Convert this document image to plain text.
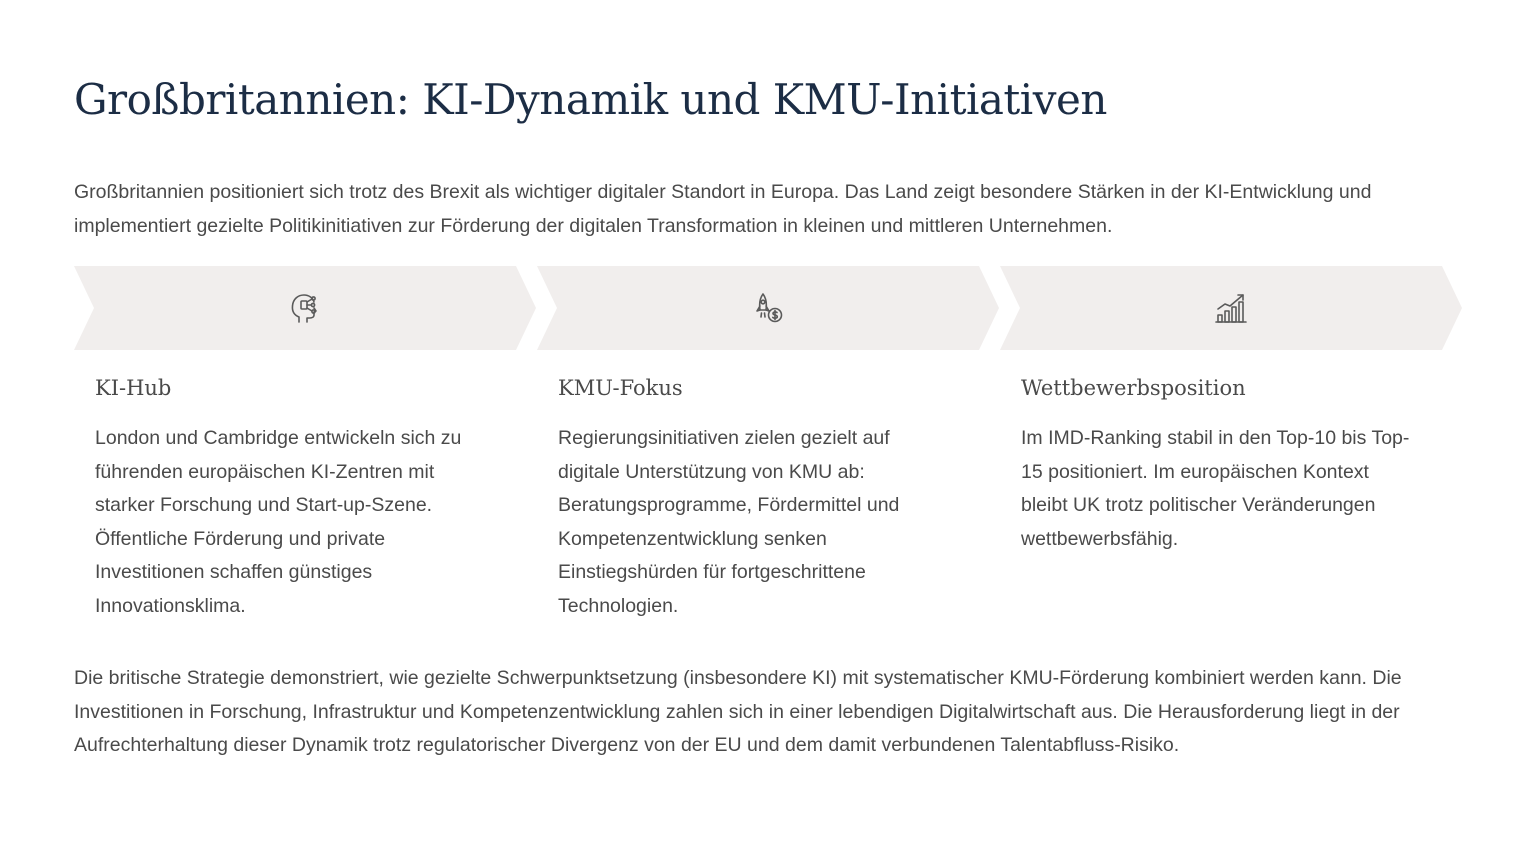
Großbritannien: KI-Dynamik und KMU-Initiativen

Großbritannien positioniert sich trotz des Brexit als wichtiger digitaler Standort in Europa. Das Land zeigt besondere Stärken in der KI-Entwicklung und implementiert gezielte Politikinitiativen zur Förderung der digitalen Transformation in kleinen und mittleren Unternehmen.

KI-Hub

London und Cambridge entwickeln sich zu führenden europäischen KI-Zentren mit starker Forschung und Start-up-Szene. Öffentliche Förderung und private Investitionen schaffen günstiges Innovationsklima.

KMU-Fokus

Regierungsinitiativen zielen gezielt auf digitale Unterstützung von KMU ab: Beratungsprogramme, Fördermittel und Kompetenzentwicklung senken Einstiegshürden für fortgeschrittene Technologien.

Wettbewerbsposition

Im IMD-Ranking stabil in den Top-10 bis Top-15 positioniert. Im europäischen Kontext bleibt UK trotz politischer Veränderungen wettbewerbsfähig.

Die britische Strategie demonstriert, wie gezielte Schwerpunktsetzung (insbesondere KI) mit systematischer KMU-Förderung kombiniert werden kann. Die Investitionen in Forschung, Infrastruktur und Kompetenzentwicklung zahlen sich in einer lebendigen Digitalwirtschaft aus. Die Herausforderung liegt in der Aufrechterhaltung dieser Dynamik trotz regulatorischer Divergenz von der EU und dem damit verbundenen Talentabfluss-Risiko.
